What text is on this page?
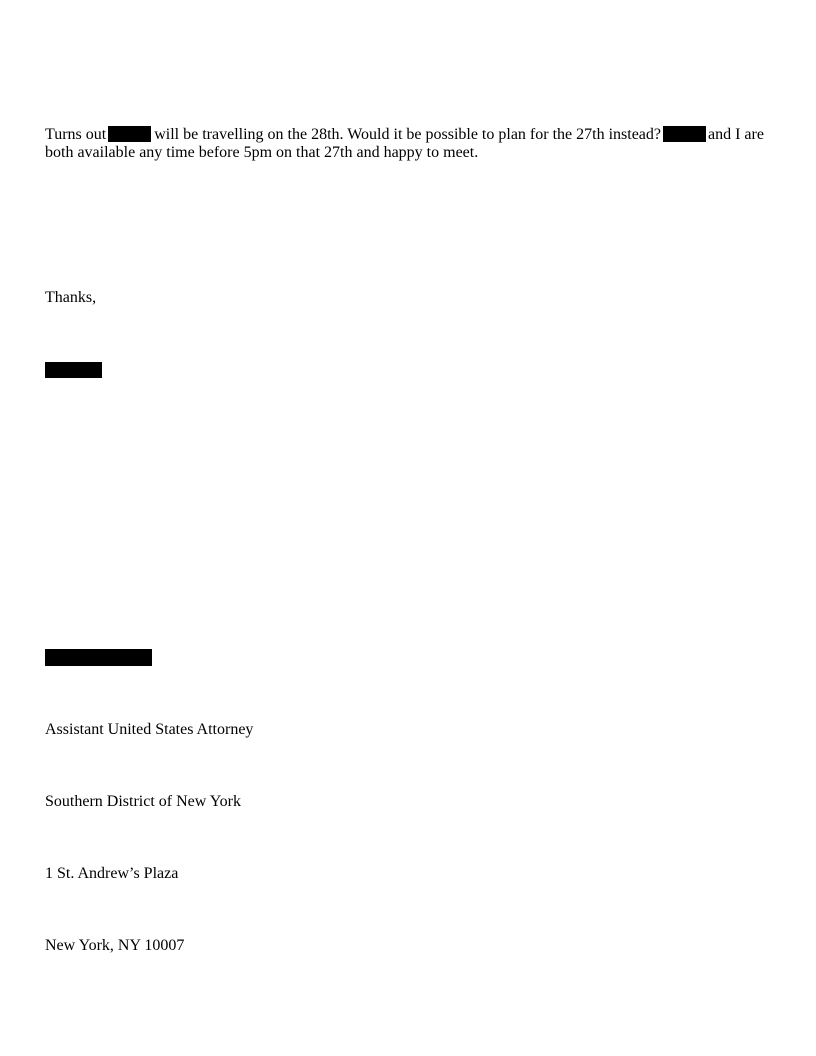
Turns out	will be travelling on the 28th. Would it be possible to plan for the 27th instead?	and I are both available any time before 5pm on that 27th and happy to meet.

Thanks,

Assistant United States Attorney

Southern District of New York

1 St. Andrew’s Plaza

New York, NY 10007
